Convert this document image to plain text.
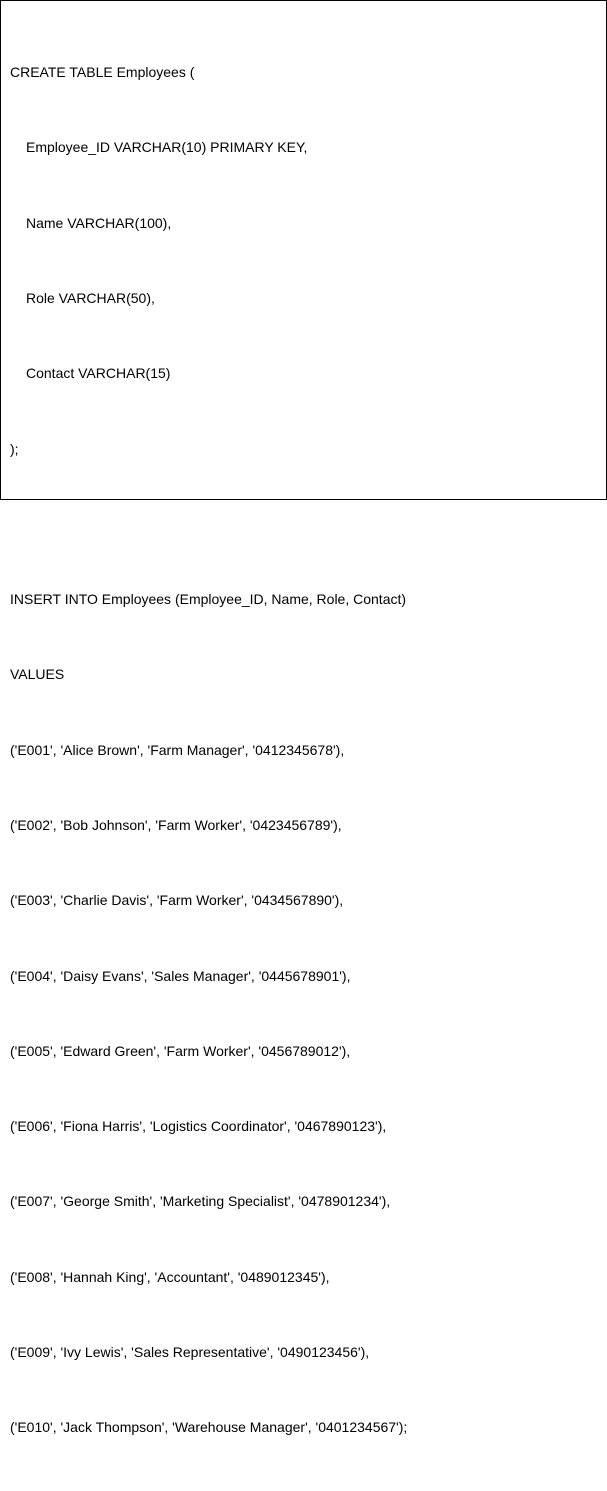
CREATE TABLE Employees (

Employee_ID VARCHAR(10) PRIMARY KEY,

Name VARCHAR(100),

Role VARCHAR(50),

Contact VARCHAR(15)

);

INSERT INTO Employees (Employee_ID, Name, Role, Contact)

VALUES

('E001', 'Alice Brown', 'Farm Manager', '0412345678'),

('E002', 'Bob Johnson', 'Farm Worker', '0423456789'),

('E003', 'Charlie Davis', 'Farm Worker', '0434567890'),

('E004', 'Daisy Evans', 'Sales Manager', '0445678901'),

('E005', 'Edward Green', 'Farm Worker', '0456789012'),

('E006', 'Fiona Harris', 'Logistics Coordinator', '0467890123'),

('E007', 'George Smith', 'Marketing Specialist', '0478901234'),

('E008', 'Hannah King', 'Accountant', '0489012345'),

('E009', 'Ivy Lewis', 'Sales Representative', '0490123456'),

('E010', 'Jack Thompson', 'Warehouse Manager', '0401234567');
